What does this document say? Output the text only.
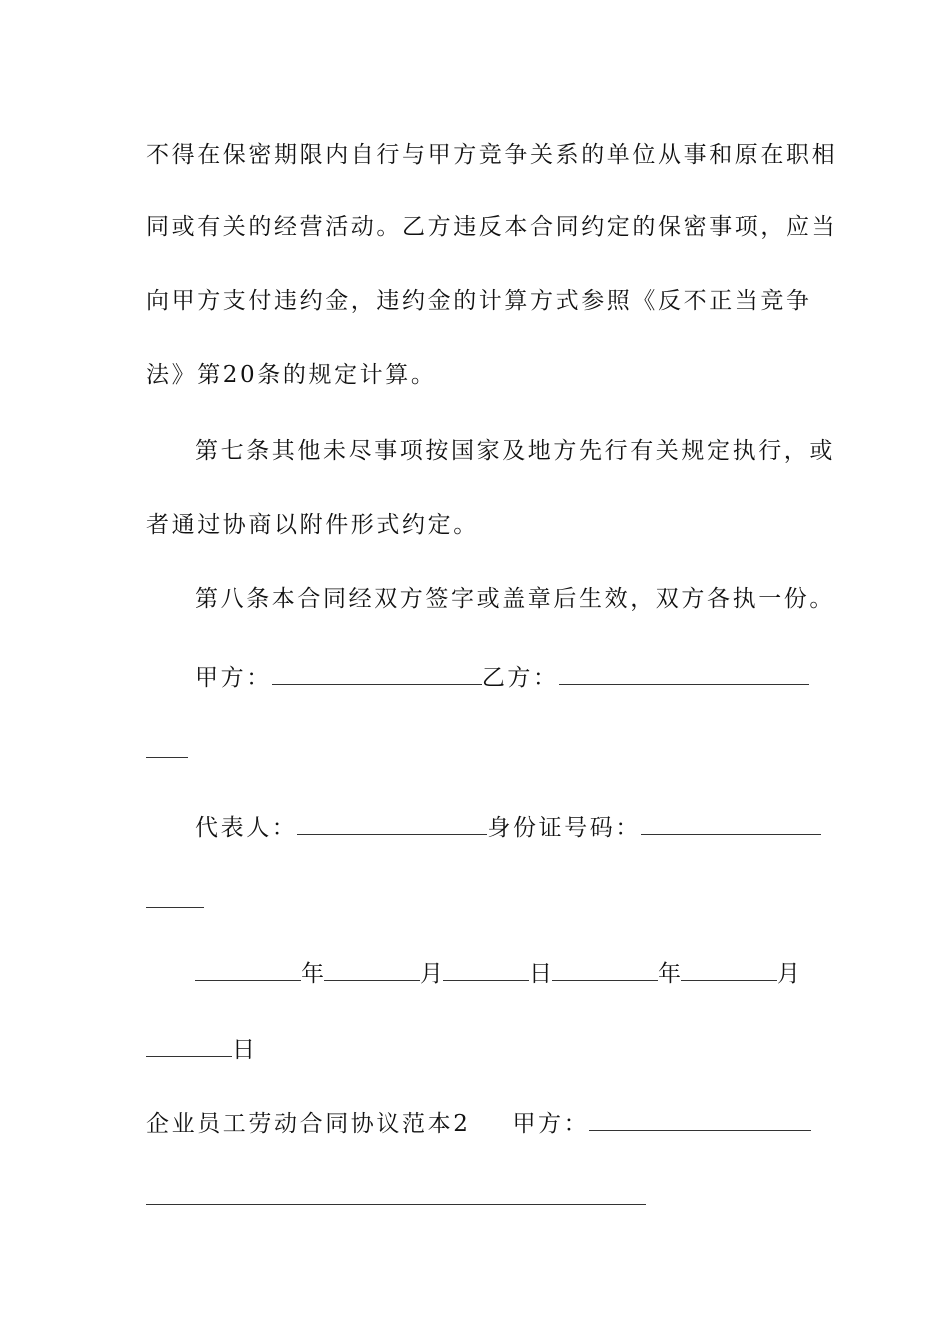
不得在保密期限内自行与甲方竞争关系的单位从事和原在职相
同或有关的经营活动。乙方违反本合同约定的保密事项，应当
向甲方支付违约金，违约金的计算方式参照《反不正当竞争
法》第20条的规定计算。
第七条其他未尽事项按国家及地方先行有关规定执行，或
者通过协商以附件形式约定。
第八条本合同经双方签字或盖章后生效，双方各执一份。
甲方：	乙方：
代表人：	身份证号码：
年	月	日	年	月
日
企业员工劳动合同协议范本2 甲方：
